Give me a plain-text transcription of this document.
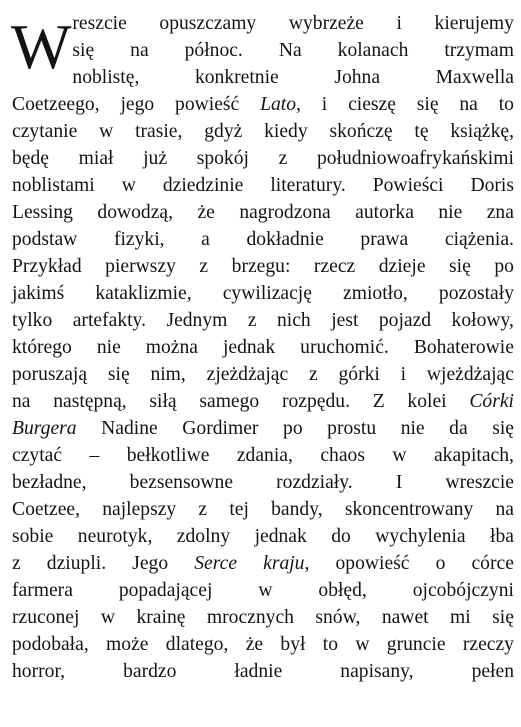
W reszcie opuszczamy wybrzeże i kierujemy
się na północ. Na kolanach trzymam
noblistę,	konkretnie	Johna	Maxwella
Coetzeego, jego powieść Lato, i cieszę się na to
czytanie w trasie, gdyż kiedy skończę tę książkę,
będę miał już spokój z południowoafrykańskimi
noblistami w dziedzinie literatury. Powieści Doris
Lessing dowodzą, że nagrodzona autorka nie zna
podstaw fizyki, a dokładnie prawa ciążenia.
Przykład pierwszy z brzegu: rzecz dzieje się po
jakimś kataklizmie, cywilizację zmiotło, pozostały
tylko artefakty. Jednym z nich jest pojazd kołowy,
którego nie można jednak uruchomić. Bohaterowie
poruszają się nim, zjeżdżając z górki i wjeżdżając
na następną, siłą samego rozpędu. Z kolei Córki
Burgera Nadine Gordimer po prostu nie da się
czytać – bełkotliwe zdania, chaos w akapitach,
bezładne, bezsensowne rozdziały. I wreszcie
Coetzee, najlepszy z tej bandy, skoncentrowany na
sobie neurotyk, zdolny jednak do wychylenia łba
z dziupli. Jego Serce kraju, opowieść o córce
farmera popadającej w obłęd, ojcobójczyni
rzuconej w krainę mrocznych snów, nawet mi się
podobała, może dlatego, że był to w gruncie rzeczy
horror,	bardzo	ładnie	napisany,	pełen
